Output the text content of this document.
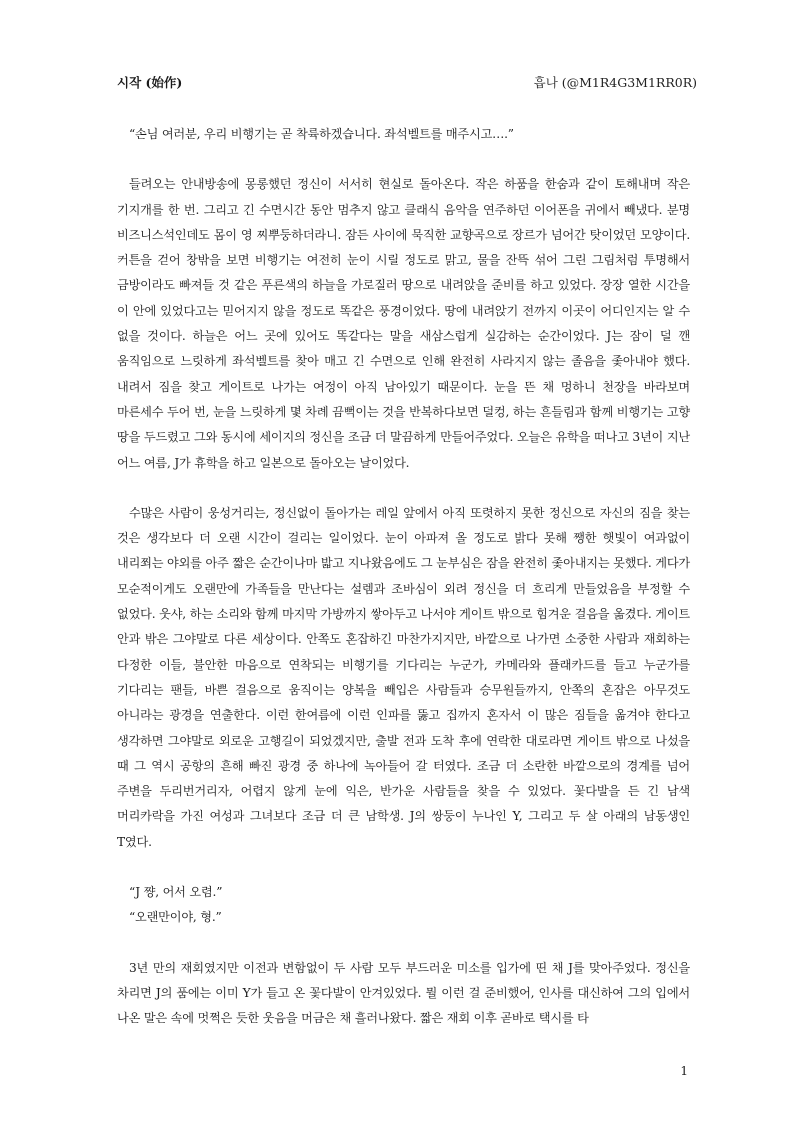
시작 (始作)	흡나 (@M1R4G3M1RR0R)

“손님 여러분, 우리 비행기는 곧 착륙하겠습니다. 좌석벨트를 매주시고….”

들려오는 안내방송에 몽롱했던 정신이 서서히 현실로 돌아온다. 작은 하품을 한숨과 같이 토해내며 작은 기지개를 한 번. 그리고 긴 수면시간 동안 멈추지 않고 클래식 음악을 연주하던 이어폰을 귀에서 빼냈다. 분명 비즈니스석인데도 몸이 영 찌뿌둥하더라니. 잠든 사이에 묵직한 교향곡으로 장르가 넘어간 탓이었던 모양이다. 커튼을 걷어 창밖을 보면 비행기는 여전히 눈이 시릴 정도로 맑고, 물을 잔뜩 섞어 그린 그림처럼 투명해서 금방이라도 빠져들 것 같은 푸른색의 하늘을 가로질러 땅으로 내려앉을 준비를 하고 있었다. 장장 열한 시간을 이 안에 있었다고는 믿어지지 않을 정도로 똑같은 풍경이었다. 땅에 내려앉기 전까지 이곳이 어디인지는 알 수 없을 것이다. 하늘은 어느 곳에 있어도 똑같다는 말을 새삼스럽게 실감하는 순간이었다. J는 잠이 덜 깬 움직임으로 느릿하게 좌석벨트를 찾아 매고 긴 수면으로 인해 완전히 사라지지 않는 졸음을 좇아내야 했다. 내려서 짐을 찾고 게이트로 나가는 여정이 아직 남아있기 때문이다. 눈을 뜬 채 멍하니 천장을 바라보며 마른세수 두어 번, 눈을 느릿하게 몇 차례 끔뻑이는 것을 반복하다보면 덜컹, 하는 흔들림과 함께 비행기는 고향 땅을 두드렸고 그와 동시에 세이지의 정신을 조금 더 말끔하게 만들어주었다. 오늘은 유학을 떠나고 3년이 지난 어느 여름, J가 휴학을 하고 일본으로 돌아오는 날이었다.

수많은 사람이 웅성거리는, 정신없이 돌아가는 레일 앞에서 아직 또렷하지 못한 정신으로 자신의 짐을 찾는 것은 생각보다 더 오랜 시간이 걸리는 일이었다. 눈이 아파져 올 정도로 밝다 못해 쨍한 햇빛이 여과없이 내리쬐는 야외를 아주 짧은 순간이나마 밟고 지나왔음에도 그 눈부심은 잠을 완전히 좇아내지는 못했다. 게다가 모순적이게도 오랜만에 가족들을 만난다는 설렘과 조바심이 외려 정신을 더 흐리게 만들었음을 부정할 수 없었다. 웃샤, 하는 소리와 함께 마지막 가방까지 쌓아두고 나서야 게이트 밖으로 힘겨운 걸음을 옮겼다. 게이트 안과 밖은 그야말로 다른 세상이다. 안쪽도 혼잡하긴 마찬가지지만, 바깥으로 나가면 소중한 사람과 재회하는 다정한 이들, 불안한 마음으로 연착되는 비행기를 기다리는 누군가, 카메라와 플래카드를 들고 누군가를 기다리는 팬들, 바쁜 걸음으로 움직이는 양복을 빼입은 사람들과 승무원들까지, 안쪽의 혼잡은 아무것도 아니라는 광경을 연출한다. 이런 한여름에 이런 인파를 뚫고 집까지 혼자서 이 많은 짐들을 옮겨야 한다고 생각하면 그야말로 외로운 고행길이 되었겠지만, 출발 전과 도착 후에 연락한 대로라면 게이트 밖으로 나섰을 때 그 역시 공항의 흔해 빠진 광경 중 하나에 녹아들어 갈 터였다. 조금 더 소란한 바깥으로의 경계를 넘어 주변을 두리번거리자, 어렵지 않게 눈에 익은, 반가운 사람들을 찾을 수 있었다. 꽃다발을 든 긴 남색 머리카락을 가진 여성과 그녀보다 조금 더 큰 남학생. J의 쌍둥이 누나인 Y, 그리고 두 살 아래의 남동생인 T였다.

“J 쨩, 어서 오렴.”

“오랜만이야, 형.”

3년 만의 재회였지만 이전과 변함없이 두 사람 모두 부드러운 미소를 입가에 띤 채 J를 맞아주었다. 정신을 차리면 J의 품에는 이미 Y가 들고 온 꽃다발이 안겨있었다. 뭘 이런 걸 준비했어, 인사를 대신하여 그의 입에서 나온 말은 속에 멋쩍은 듯한 웃음을 머금은 채 흘러나왔다. 짧은 재회 이후 곧바로 택시를 타

1
